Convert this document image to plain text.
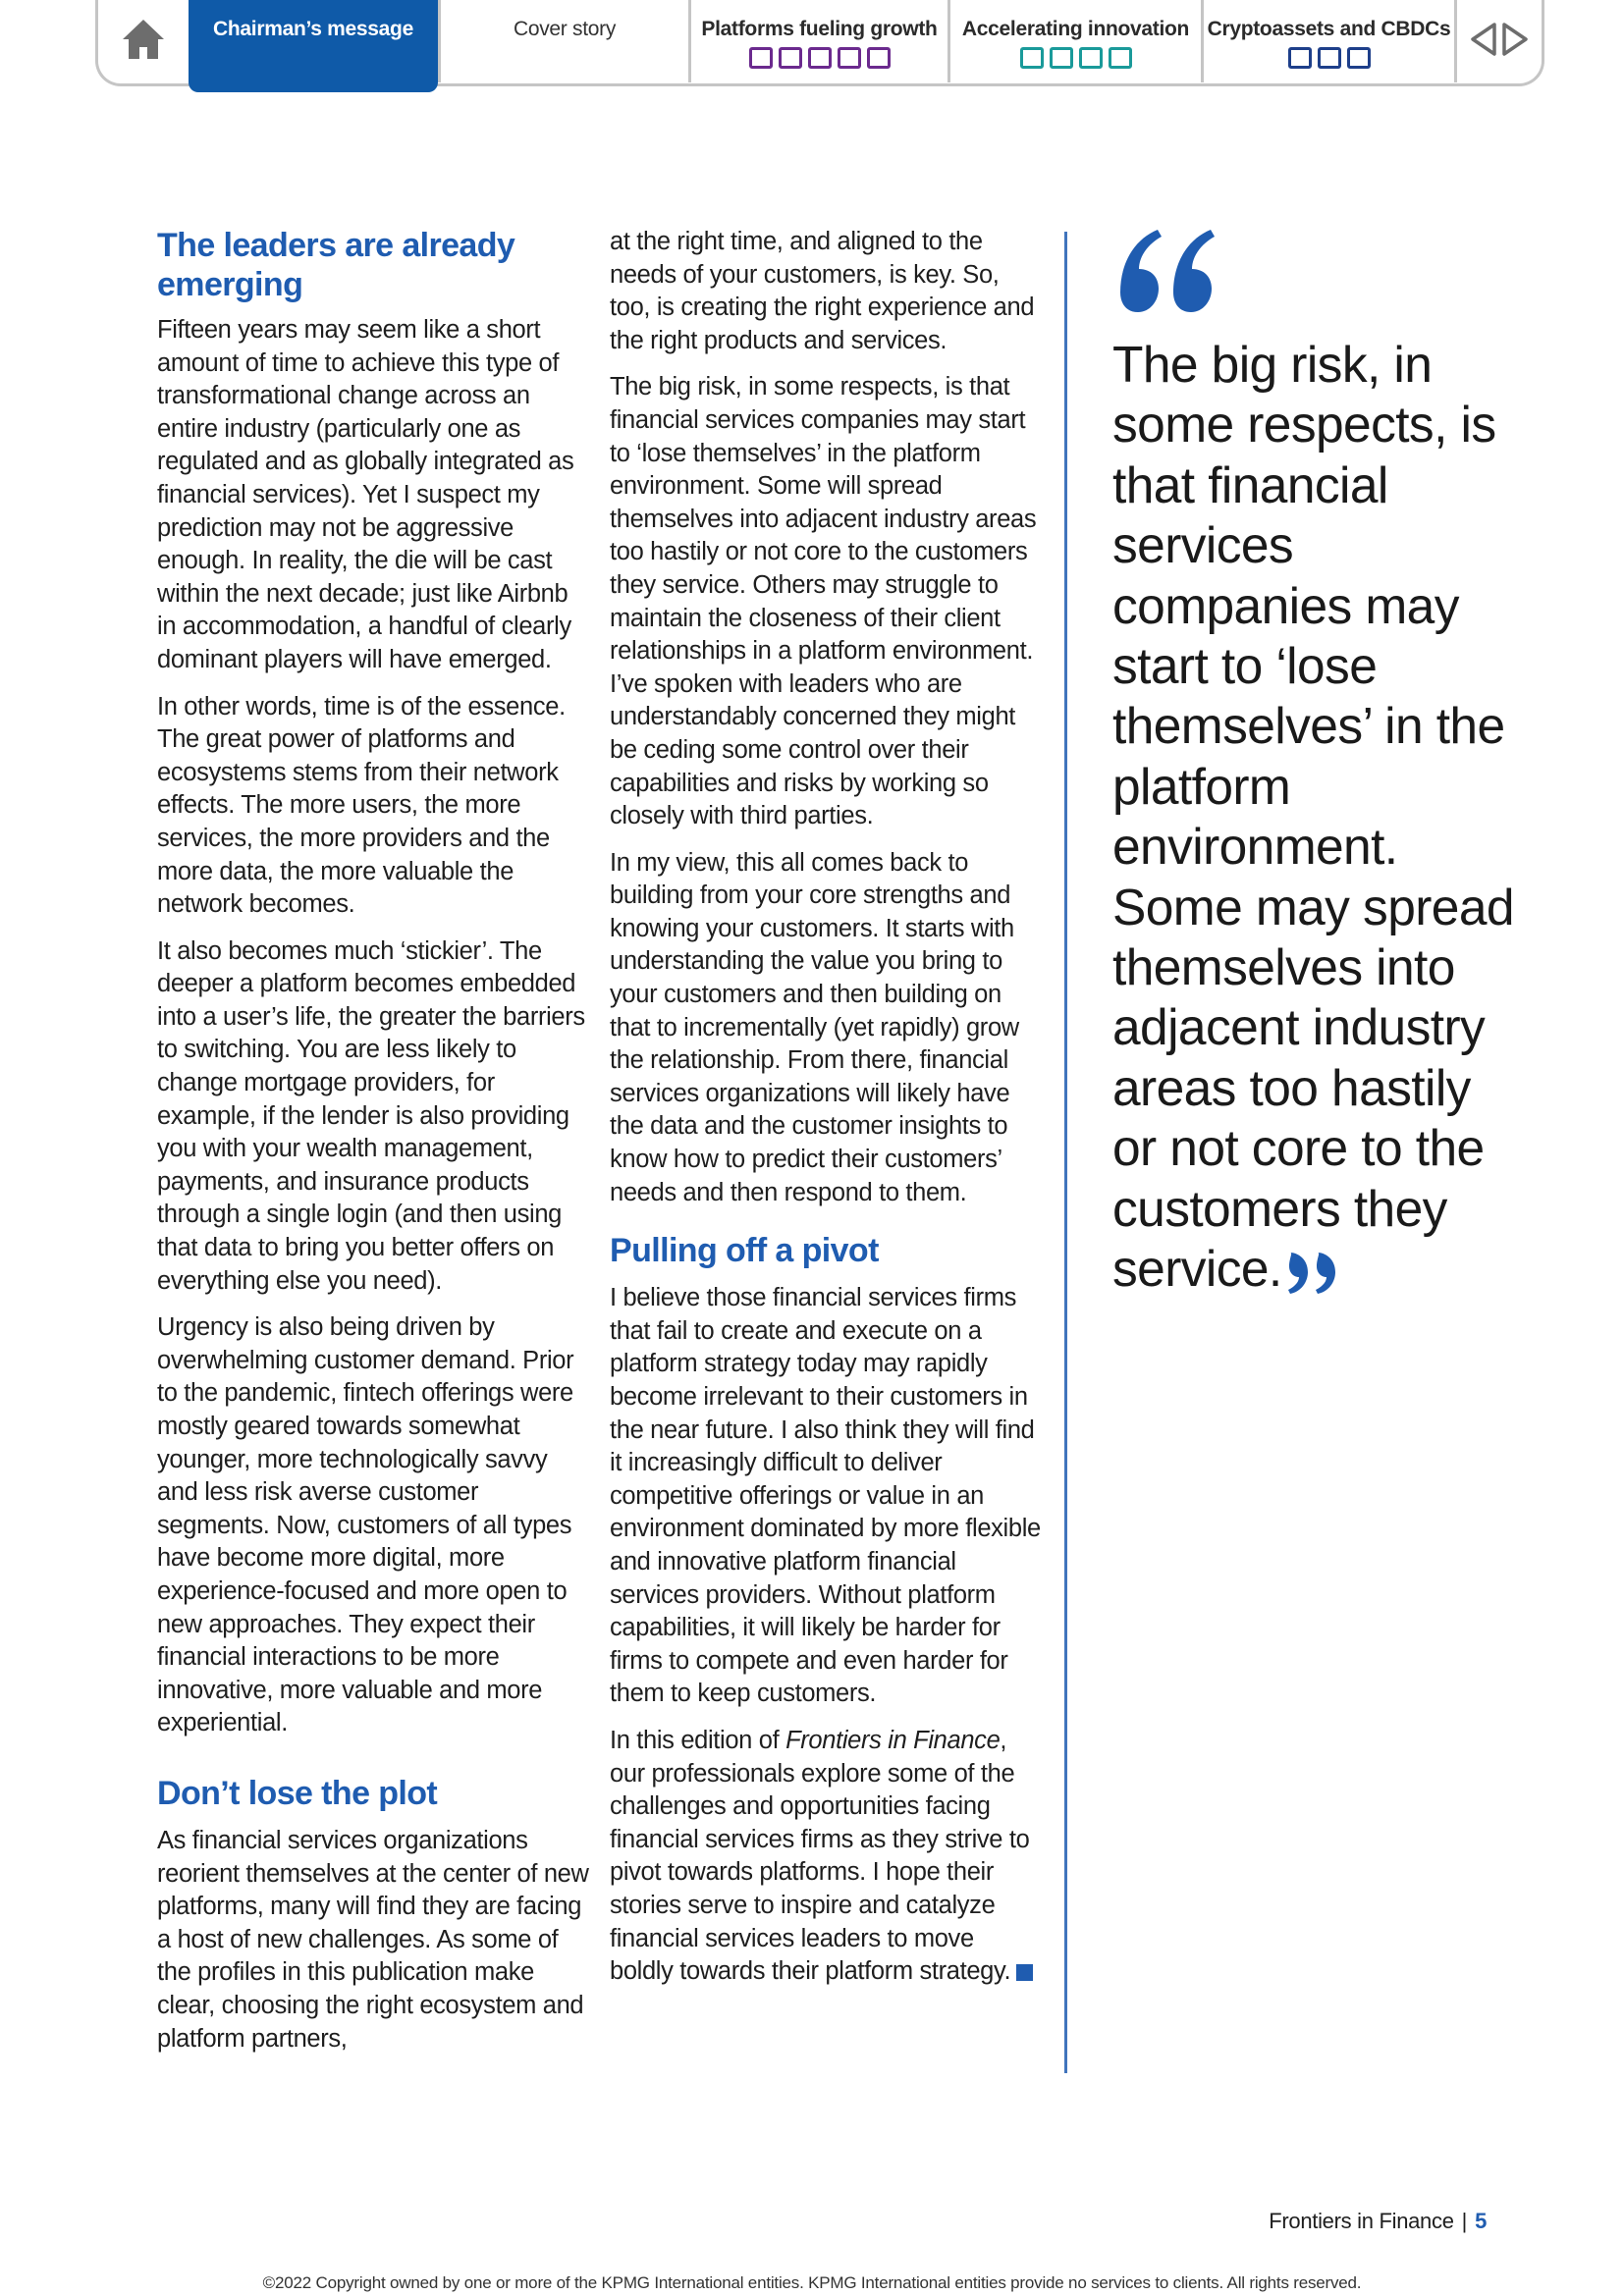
Chairman’s message	Cover story	Platforms fueling growth	Accelerating innovation Cryptoassets and CBDCs
The leaders are already emerging

Fifteen years may seem like a short amount of time to achieve this type of transformational change across an entire industry (particularly one as regulated and as globally integrated as financial services). Yet I suspect my prediction may not be aggressive enough. In reality, the die will be cast within the next decade; just like Airbnb in accommodation, a handful of clearly dominant players will have emerged.

In other words, time is of the essence. The great power of platforms and ecosystems stems from their network effects. The more users, the more services, the more providers and the more data, the more valuable the network becomes.

It also becomes much ‘stickier’. The deeper a platform becomes embedded into a user’s life, the greater the barriers to switching. You are less likely to change mortgage providers, for example, if the lender is also providing you with your wealth management, payments, and insurance products through a single login (and then using that data to bring you better offers on everything else you need).

Urgency is also being driven by overwhelming customer demand. Prior to the pandemic, fintech offerings were mostly geared towards somewhat younger, more technologically savvy and less risk averse customer segments. Now, customers of all types have become more digital, more experience-focused and more open to new approaches. They expect their financial interactions to be more innovative, more valuable and more experiential.

Don’t lose the plot

As financial services organizations reorient themselves at the center of new platforms, many will find they are facing a host of new challenges. As some of the profiles in this publication make clear, choosing the right ecosystem and platform partners,

at the right time, and aligned to the needs of your customers, is key. So, too, is creating the right experience and the right products and services.

The big risk, in some respects, is that financial services companies may start to ‘lose themselves’ in the platform environment. Some will spread themselves into adjacent industry areas too hastily or not core to the customers they service. Others may struggle to maintain the closeness of their client relationships in a platform environment. I’ve spoken with leaders who are understandably concerned they might be ceding some control over their capabilities and risks by working so closely with third parties.

In my view, this all comes back to building from your core strengths and knowing your customers. It starts with understanding the value you bring to your customers and then building on that to incrementally (yet rapidly) grow the relationship. From there, financial services organizations will likely have the data and the customer insights to know how to predict their customers’ needs and then respond to them.

Pulling off a pivot

I believe those financial services firms that fail to create and execute on a platform strategy today may rapidly become irrelevant to their customers in the near future. I also think they will find it increasingly difficult to deliver competitive offerings or value in an environment dominated by more flexible and innovative platform financial services providers. Without platform capabilities, it will likely be harder for firms to compete and even harder for them to keep customers.

In this edition of Frontiers in Finance, our professionals explore some of the challenges and opportunities facing financial services firms as they strive to pivot towards platforms. I hope their stories serve to inspire and catalyze financial services leaders to move boldly towards their platform strategy.

The big risk, in some respects, is that financial services companies may start to ‘lose themselves’ in the platform environment. Some may spread themselves into adjacent industry areas too hastily or not core to the customers they service.
Frontiers in Finance | 5
©2022 Copyright owned by one or more of the KPMG International entities. KPMG International entities provide no services to clients. All rights reserved.
